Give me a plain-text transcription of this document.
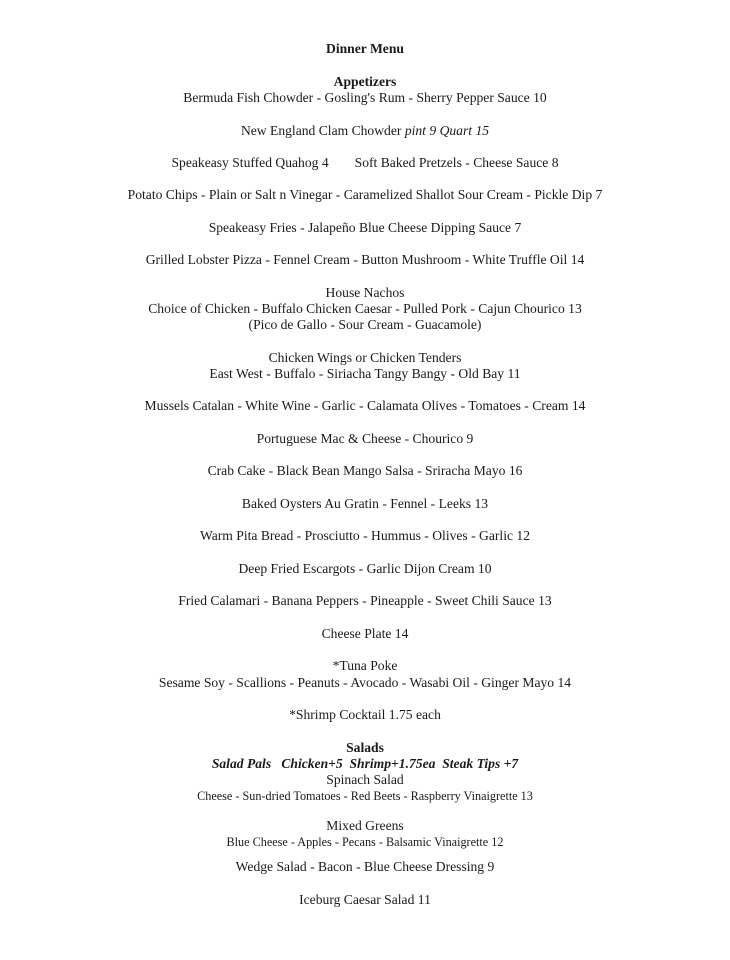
Dinner Menu
Appetizers
Bermuda Fish Chowder - Gosling's Rum - Sherry Pepper Sauce 10
New England Clam Chowder pint 9 Quart 15
Speakeasy Stuffed Quahog 4 Soft Baked Pretzels - Cheese Sauce 8
Potato Chips - Plain or Salt n Vinegar - Caramelized Shallot Sour Cream - Pickle Dip 7
Speakeasy Fries - Jalapeño Blue Cheese Dipping Sauce 7
Grilled Lobster Pizza - Fennel Cream - Button Mushroom - White Truffle Oil 14
House Nachos
Choice of Chicken - Buffalo Chicken Caesar - Pulled Pork - Cajun Chourico 13
(Pico de Gallo - Sour Cream - Guacamole)
Chicken Wings or Chicken Tenders
East West - Buffalo - Siriacha Tangy Bangy - Old Bay 11
Mussels Catalan - White Wine - Garlic - Calamata Olives - Tomatoes - Cream 14
Portuguese Mac & Cheese - Chourico 9
Crab Cake - Black Bean Mango Salsa - Sriracha Mayo 16
Baked Oysters Au Gratin - Fennel - Leeks 13
Warm Pita Bread - Prosciutto - Hummus - Olives - Garlic 12
Deep Fried Escargots - Garlic Dijon Cream 10
Fried Calamari - Banana Peppers - Pineapple - Sweet Chili Sauce 13
Cheese Plate 14
*Tuna Poke
Sesame Soy - Scallions - Peanuts - Avocado - Wasabi Oil - Ginger Mayo 14
*Shrimp Cocktail 1.75 each
Salads
Salad Pals Chicken+5 Shrimp+1.75ea Steak Tips +7
Spinach Salad
Cheese - Sun-dried Tomatoes - Red Beets - Raspberry Vinaigrette 13
Mixed Greens
Blue Cheese - Apples - Pecans - Balsamic Vinaigrette 12
Wedge Salad - Bacon - Blue Cheese Dressing 9
Iceburg Caesar Salad 11
